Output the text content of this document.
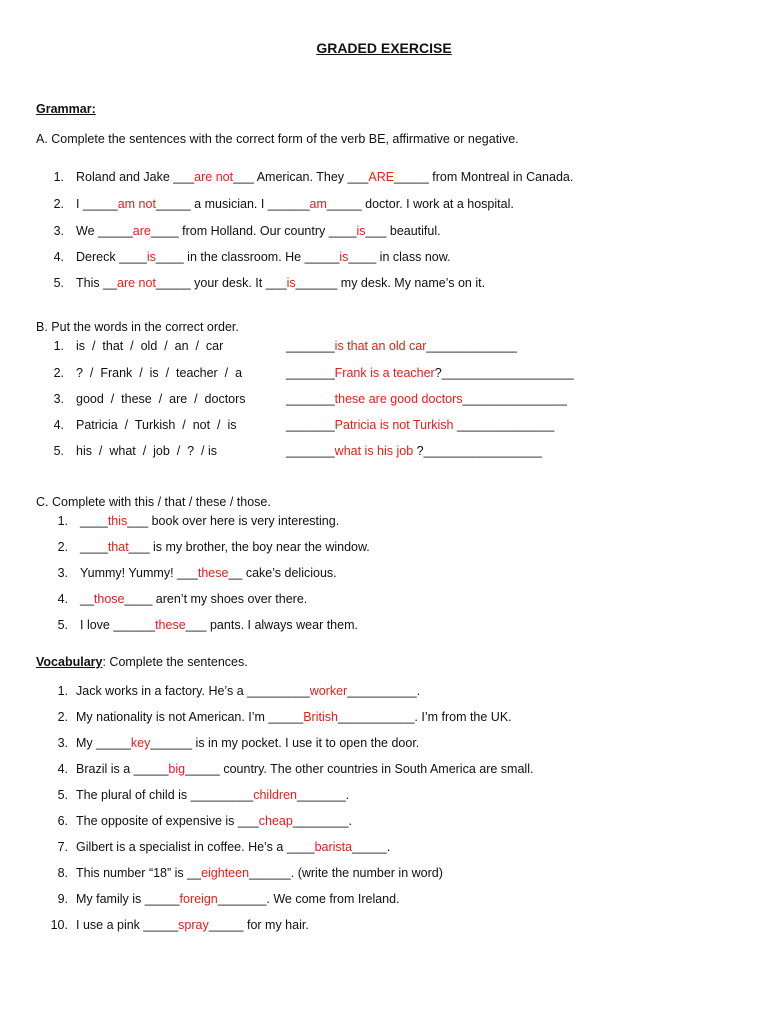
GRADED EXERCISE
Grammar:
A. Complete the sentences with the correct form of the verb BE, affirmative or negative.
1. Roland and Jake ___are not___ American. They ___ARE_____ from Montreal in Canada.
2. I _____am not_____ a musician. I ______am_____ doctor. I work at a hospital.
3. We _____are____ from Holland. Our country ____is___ beautiful.
4. Dereck ____is____ in the classroom. He _____is____ in class now.
5. This __are not_____ your desk. It ___is______ my desk. My name’s on it.
B. Put the words in the correct order.
1. is  /  that  /  old  /  an  /  car	_______is that an old car_____________
2. ?  /  Frank  /  is  /  teacher  /  a	_______Frank is a teacher?___________________
3. good  /  these  /  are  /  doctors	_______these are good doctors_______________
4. Patricia  /  Turkish  /  not  /  is	_______Patricia is not Turkish ______________
5. his  /  what  /  job  /  ?  / is	_______what is his job ?_________________
C. Complete with this / that / these / those.
1. ____this___ book over here is very interesting.
2. ____that___ is my brother, the boy near the window.
3. Yummy! Yummy! ___these__ cake’s delicious.
4. __those____ aren’t my shoes over there.
5. I love ______these___ pants. I always wear them.
Vocabulary: Complete the sentences.
1. Jack works in a factory. He’s a _________worker__________.
2. My nationality is not American. I’m _____British___________. I’m from the UK.
3. My _____key______ is in my pocket. I use it to open the door.
4. Brazil is a _____big_____ country. The other countries in South America are small.
5. The plural of child is _________children_______.
6. The opposite of expensive is ___cheap________.
7. Gilbert is a specialist in coffee. He’s a ____barista_____.
8. This number “18” is __eighteen______. (write the number in word)
9. My family is _____foreign_______. We come from Ireland.
10. I use a pink _____spray_____ for my hair.
